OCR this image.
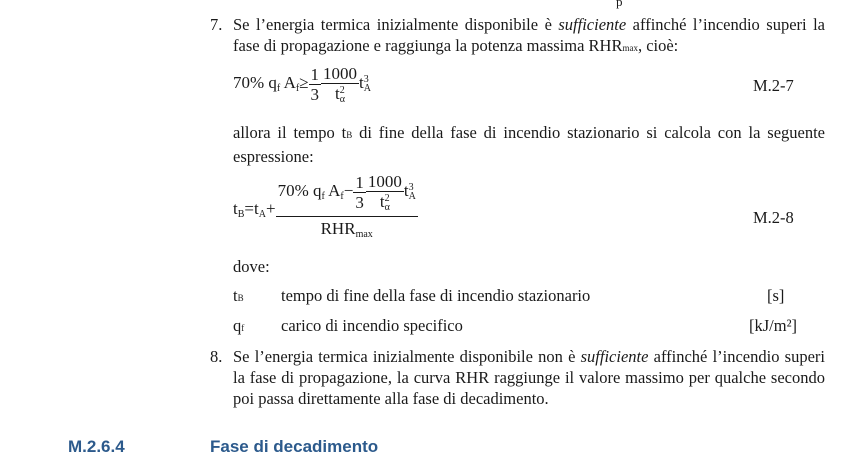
p
7. Se l’energia termica inizialmente disponibile è sufficiente affinché l’incendio superi la fase di propagazione e raggiunga la potenza massima RHRmax, cioè:
70% $q_f$ $A_f\ge \frac{1}{3} 1000$
t 2
α t 3
A	M.2-7
allora il tempo tB di fine della fase di incendio stazionario si calcola con la seguente espressione:
$t_B=t_A+ 70\%$ $q_f$ $A_f- \frac{1}{3} 1000$
t 2
α t 3
A
$RHR_{max}$	M.2-8
dove:
tB tempo di fine della fase di incendio stazionario	[s]
qf carico di incendio specifico	[kJ/m²]
8. Se l’energia termica inizialmente disponibile non è sufficiente affinché l’incendio superi la fase di propagazione, la curva RHR raggiunge il valore massimo per qualche secondo poi passa direttamente alla fase di decadimento.
M.2.6.4	Fase di decadimento
